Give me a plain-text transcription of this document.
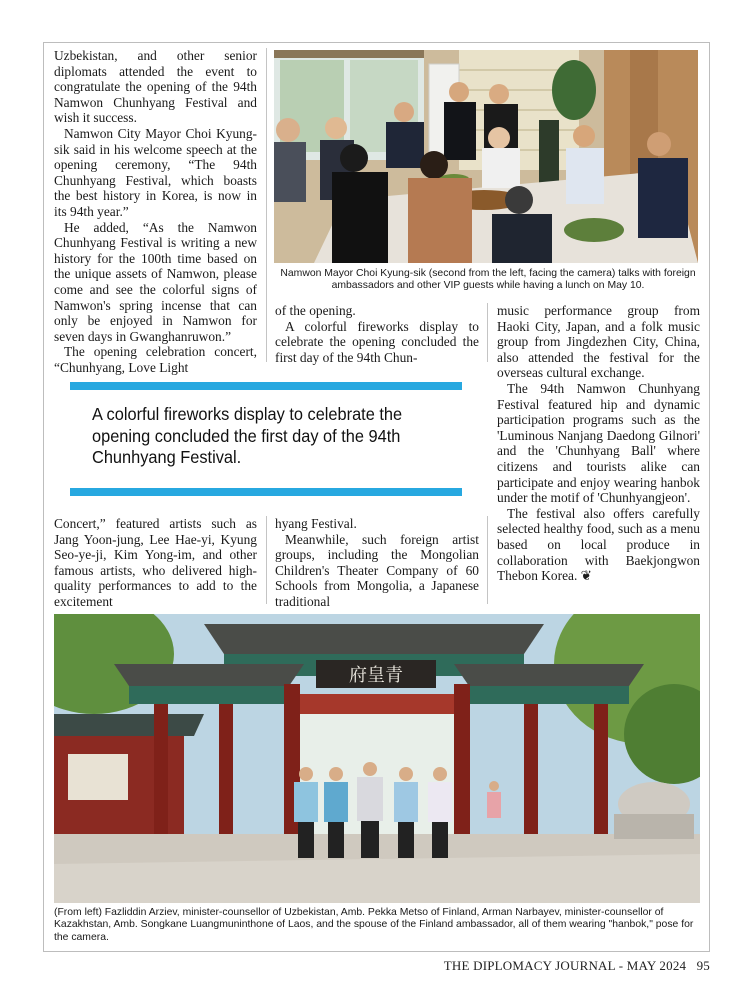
Uzbekistan, and other senior diplomats attended the event to congratulate the opening of the 94th Namwon Chunhyang Festival and wish it success.

Namwon City Mayor Choi Kyung-sik said in his welcome speech at the opening ceremony, “The 94th Chunhyang Festival, which boasts the best history in Korea, is now in its 94th year.”

He added, “As the Namwon Chunhyang Festival is writing a new history for the 100th time based on the unique assets of Namwon, please come and see the colorful signs of Namwon's spring incense that can only be enjoyed in Namwon for seven days in Gwanghanruwon.”

The opening celebration concert, “Chunhyang, Love Light

Namwon Mayor Choi Kyung-sik (second from the left, facing the camera) talks with foreign ambassadors and other VIP guests while having a lunch on May 10.

of the opening.

A colorful fireworks display to celebrate the opening concluded the first day of the 94th Chun-

music performance group from Haoki City, Japan, and a folk music group from Jingdezhen City, China, also attended the festival for the overseas cultural exchange.

The 94th Namwon Chunhyang Festival featured hip and dynamic participation programs such as the 'Luminous Nanjang Daedong Gilnori' and the 'Chunhyang Ball' where citizens and tourists alike can participate and enjoy wearing hanbok under the motif of 'Chunhyangjeon'.

The festival also offers carefully selected healthy food, such as a menu based on local produce in collaboration with Baekjongwon Thebon Korea. ❦

A colorful fireworks display to celebrate the opening concluded the first day of the 94th Chunhyang Festival.

Concert,” featured artists such as Jang Yoon-jung, Lee Hae-yi, Kyung Seo-ye-ji, Kim Yong-im, and other famous artists, who delivered high-quality performances to add to the excitement

hyang Festival.

Meanwhile, such foreign artist groups, including the Mongolian Children's Theater Company of 60 Schools from Mongolia, a Japanese traditional

府皇青
(From left) Fazliddin Arziev, minister-counsellor of Uzbekistan, Amb. Pekka Metso of Finland, Arman Narbayev, minister-counsellor of Kazakhstan, Amb. Songkane Luangmuninthone of Laos, and the spouse of the Finland ambassador, all of them wearing "hanbok," pose for the camera.
THE DIPLOMACY JOURNAL - MAY 2024 95
